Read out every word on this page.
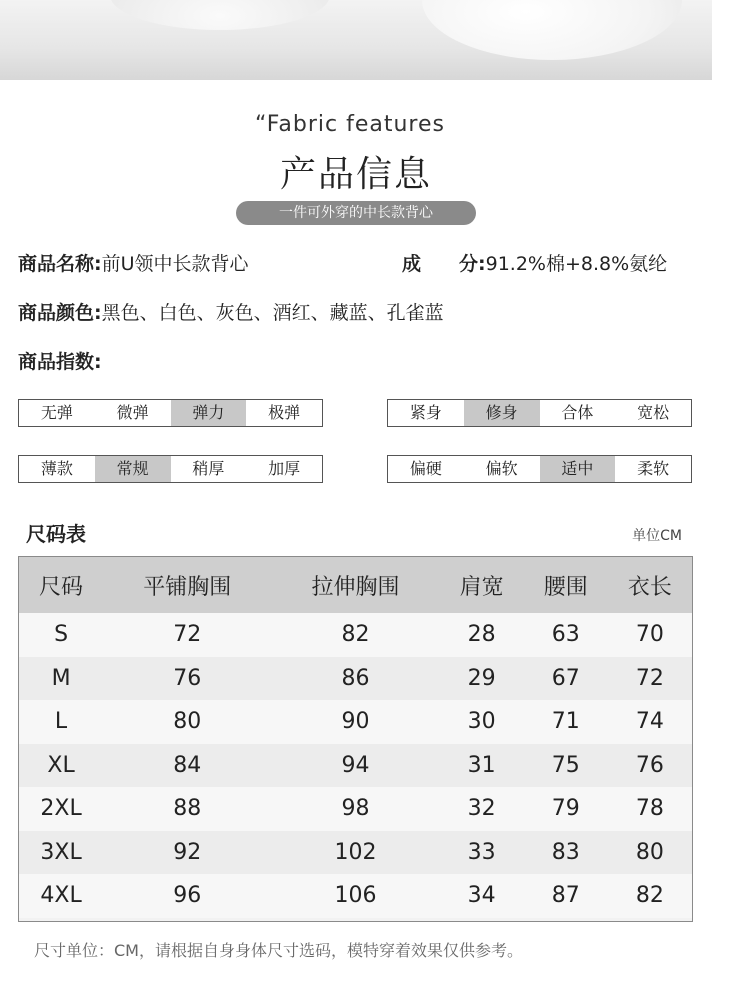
“Fabric features
产品信息
一件可外穿的中长款背心
商品名称:前U领中长款背心	成　　分:91.2%棉+8.8%氨纶
商品颜色:黑色、白色、灰色、酒红、藏蓝、孔雀蓝
商品指数:
无弹	微弹	弹力	极弹	紧身	修身	合体	宽松
薄款	常规	稍厚	加厚	偏硬	偏软	适中	柔软
尺码表	单位CM
尺码	平铺胸围	拉伸胸围	肩宽	腰围	衣长
S	72	82	28	63	70
M	76	86	29	67	72
L	80	90	30	71	74
XL	84	94	31	75	76
2XL	88	98	32	79	78
3XL	92	102	33	83	80
4XL	96	106	34	87	82
尺寸单位：CM，请根据自身身体尺寸选码，模特穿着效果仅供参考。
